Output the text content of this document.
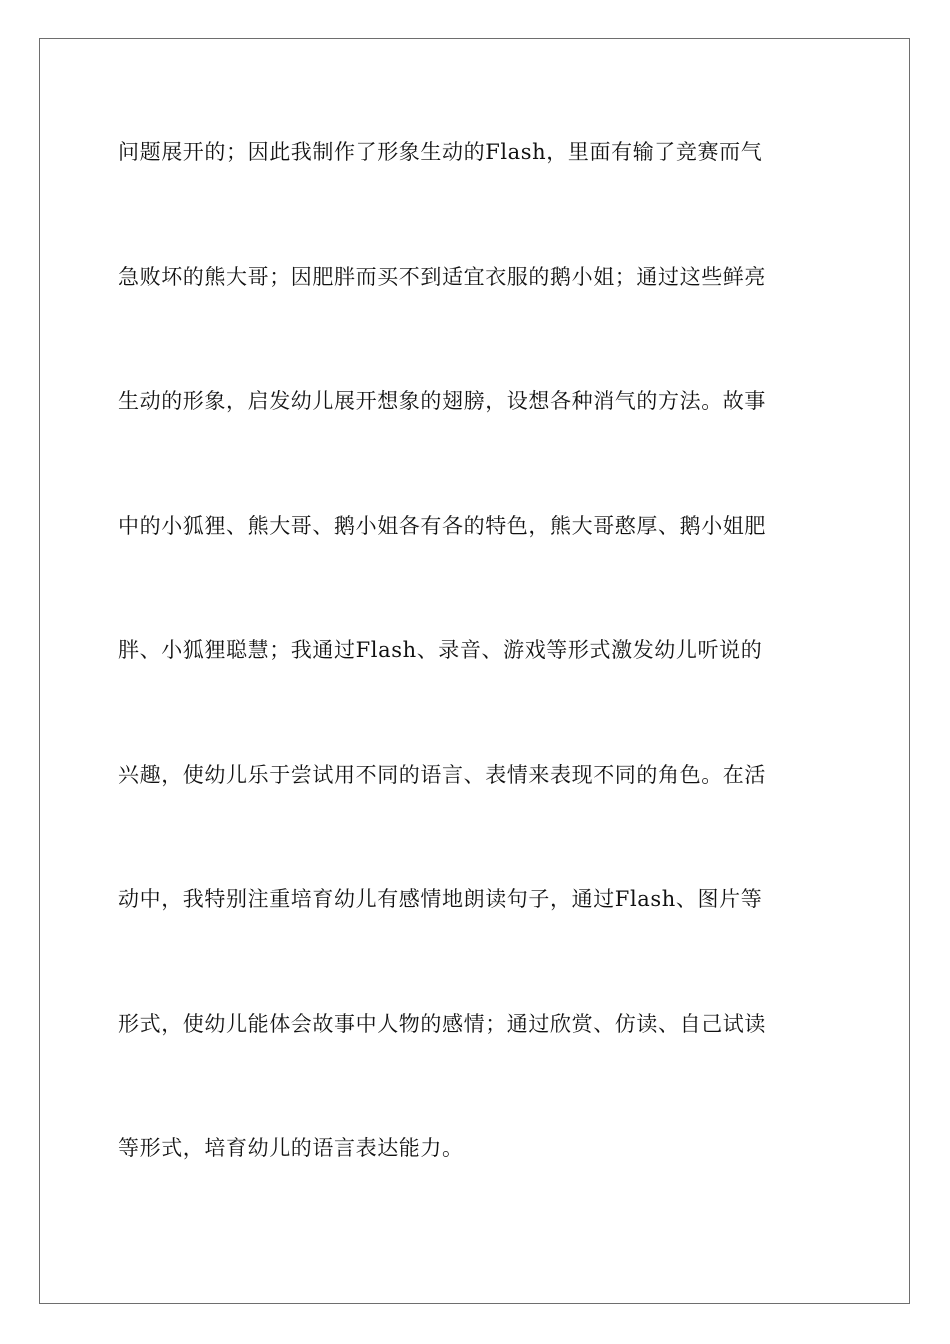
问题展开的；因此我制作了形象生动的Flash，里面有输了竞赛而气
急败坏的熊大哥；因肥胖而买不到适宜衣服的鹅小姐；通过这些鲜亮
生动的形象，启发幼儿展开想象的翅膀，设想各种消气的方法。故事
中的小狐狸、熊大哥、鹅小姐各有各的特色，熊大哥憨厚、鹅小姐肥
胖、小狐狸聪慧；我通过Flash、录音、游戏等形式激发幼儿听说的
兴趣，使幼儿乐于尝试用不同的语言、表情来表现不同的角色。在活
动中，我特别注重培育幼儿有感情地朗读句子，通过Flash、图片等
形式，使幼儿能体会故事中人物的感情；通过欣赏、仿读、自己试读
等形式，培育幼儿的语言表达能力。
